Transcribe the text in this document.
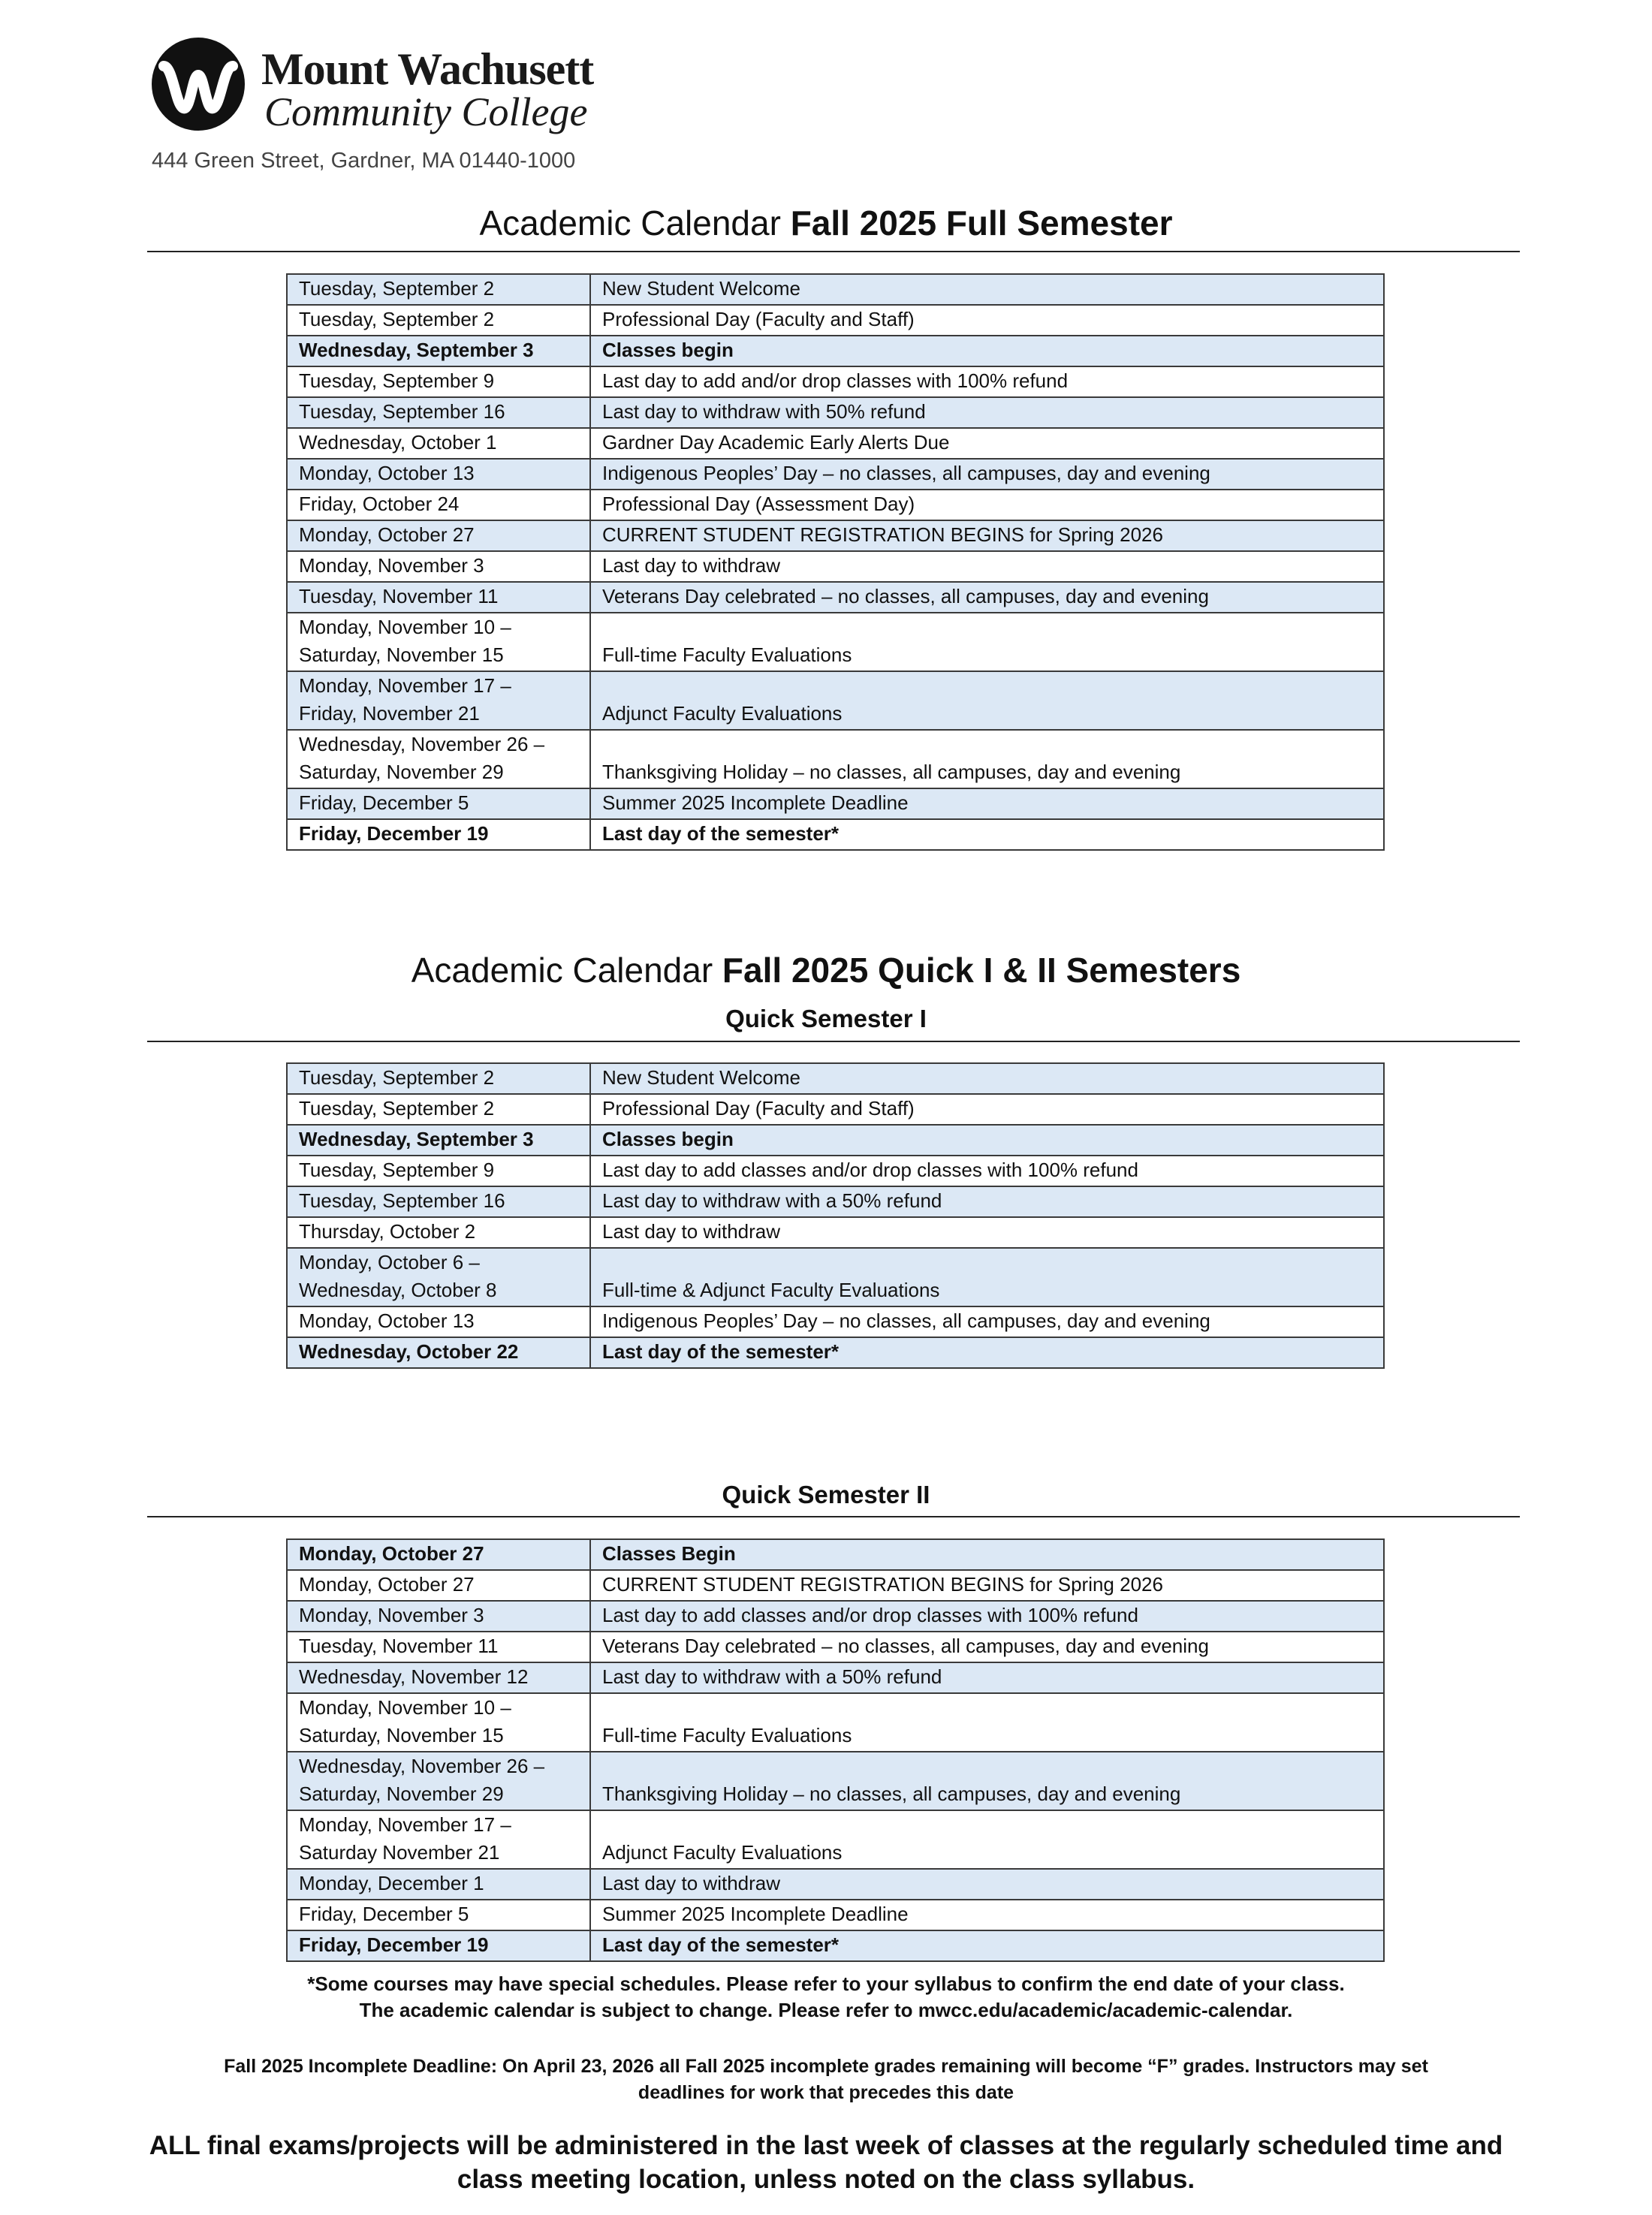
Mount Wachusett
Community College
444 Green Street, Gardner, MA 01440-1000
Academic Calendar Fall 2025 Full Semester
Tuesday, September 2	New Student Welcome
Tuesday, September 2	Professional Day (Faculty and Staff)
Wednesday, September 3	Classes begin
Tuesday, September 9	Last day to add and/or drop classes with 100% refund
Tuesday, September 16	Last day to withdraw with 50% refund
Wednesday, October 1	Gardner Day Academic Early Alerts Due
Monday, October 13	Indigenous Peoples’ Day – no classes, all campuses, day and evening
Friday, October 24	Professional Day (Assessment Day)
Monday, October 27	CURRENT STUDENT REGISTRATION BEGINS for Spring 2026
Monday, November 3	Last day to withdraw
Tuesday, November 11	Veterans Day celebrated – no classes, all campuses, day and evening
Monday, November 10 –
Saturday, November 15	Full-time Faculty Evaluations
Monday, November 17 –
Friday, November 21	Adjunct Faculty Evaluations
Wednesday, November 26 –
Saturday, November 29	Thanksgiving Holiday – no classes, all campuses, day and evening
Friday, December 5	Summer 2025 Incomplete Deadline
Friday, December 19	Last day of the semester*
Academic Calendar Fall 2025 Quick I & II Semesters
Quick Semester I
Tuesday, September 2	New Student Welcome
Tuesday, September 2	Professional Day (Faculty and Staff)
Wednesday, September 3	Classes begin
Tuesday, September 9	Last day to add classes and/or drop classes with 100% refund
Tuesday, September 16	Last day to withdraw with a 50% refund
Thursday, October 2	Last day to withdraw
Monday, October 6 –
Wednesday, October 8	Full-time & Adjunct Faculty Evaluations
Monday, October 13	Indigenous Peoples’ Day – no classes, all campuses, day and evening
Wednesday, October 22	Last day of the semester*
Quick Semester II
Monday, October 27	Classes Begin
Monday, October 27	CURRENT STUDENT REGISTRATION BEGINS for Spring 2026
Monday, November 3	Last day to add classes and/or drop classes with 100% refund
Tuesday, November 11	Veterans Day celebrated – no classes, all campuses, day and evening
Wednesday, November 12	Last day to withdraw with a 50% refund
Monday, November 10 –
Saturday, November 15	Full-time Faculty Evaluations
Wednesday, November 26 –
Saturday, November 29	Thanksgiving Holiday – no classes, all campuses, day and evening
Monday, November 17 –
Saturday November 21	Adjunct Faculty Evaluations
Monday, December 1	Last day to withdraw
Friday, December 5	Summer 2025 Incomplete Deadline
Friday, December 19	Last day of the semester*
*Some courses may have special schedules. Please refer to your syllabus to confirm the end date of your class.
The academic calendar is subject to change. Please refer to mwcc.edu/academic/academic-calendar.
Fall 2025 Incomplete Deadline: On April 23, 2026 all Fall 2025 incomplete grades remaining will become “F” grades. Instructors may set
deadlines for work that precedes this date
ALL final exams/projects will be administered in the last week of classes at the regularly scheduled time and
class meeting location, unless noted on the class syllabus.
